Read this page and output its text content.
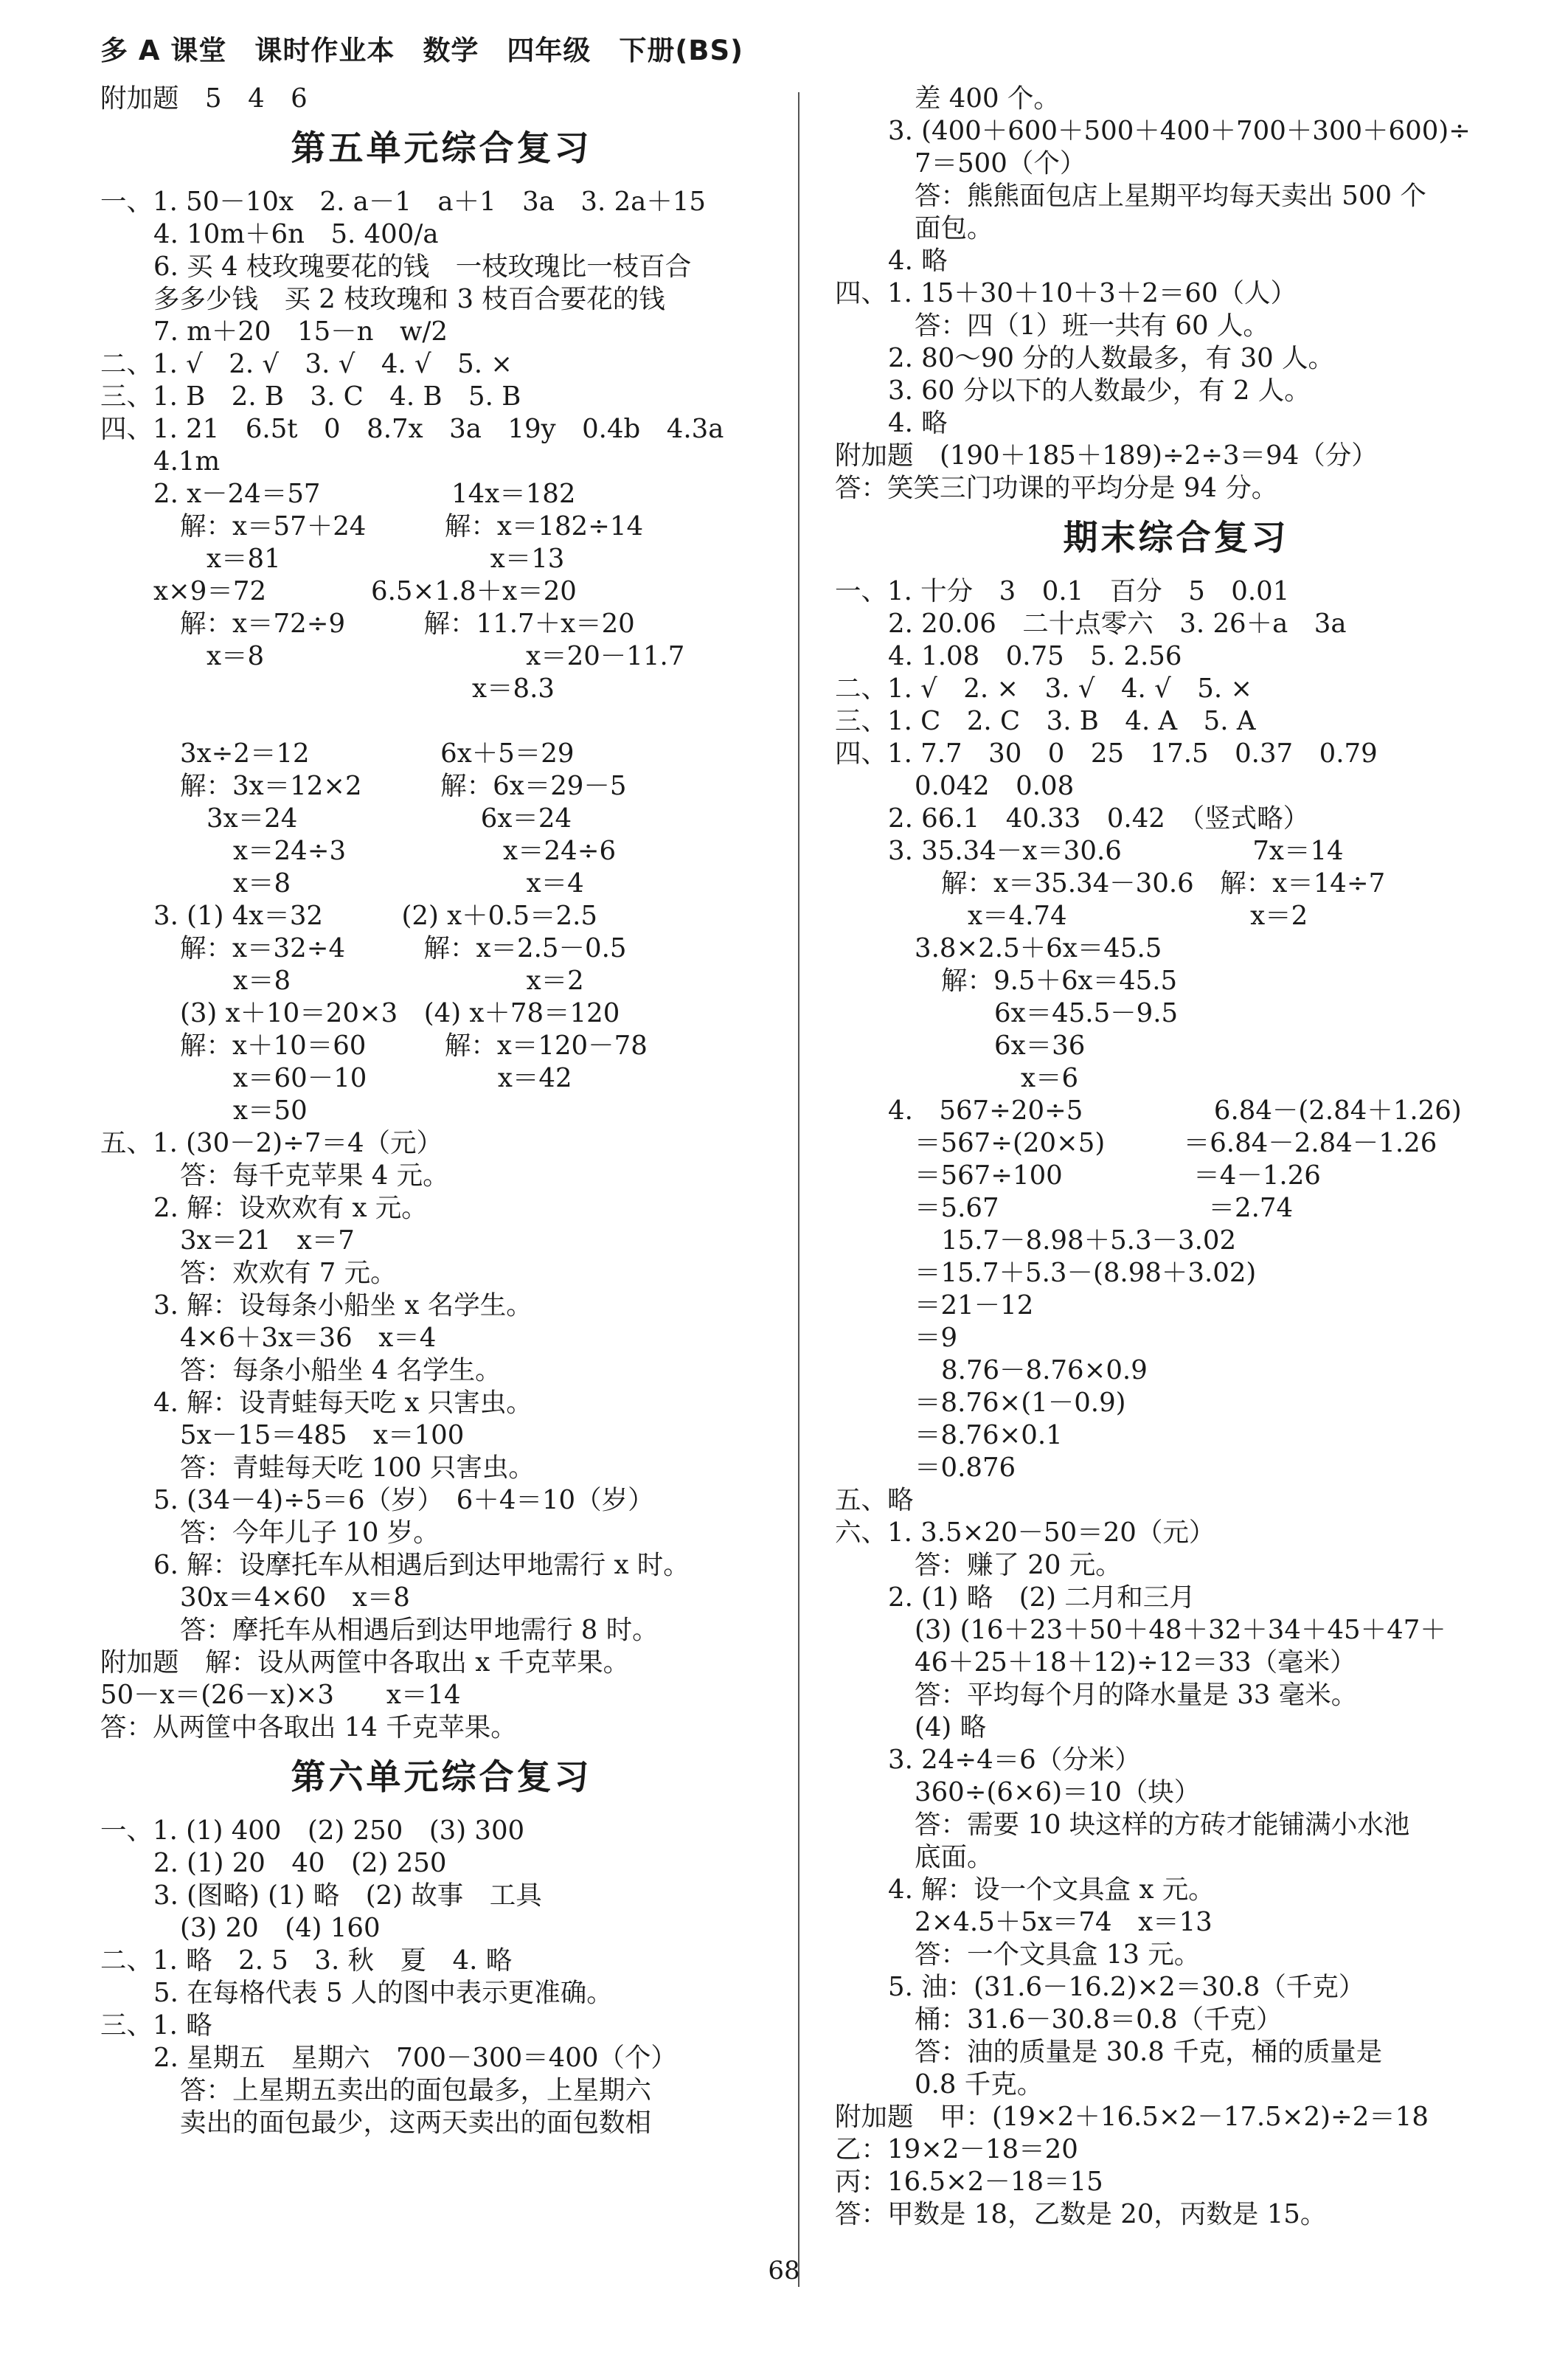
多 A 课堂　课时作业本　数学　四年级　下册(BS)
附加题　5　4　6
第五单元综合复习
一、1. 50－10x　2. a－1　a＋1　3a　3. 2a＋15
4. 10m＋6n　5. 400/a
6. 买 4 枝玫瑰要花的钱　一枝玫瑰比一枝百合
多多少钱　买 2 枝玫瑰和 3 枝百合要花的钱
7. m＋20　15－n　w/2
二、1. √　2. √　3. √　4. √　5. ×
三、1. B　2. B　3. C　4. B　5. B
四、1. 21　6.5t　0　8.7x　3a　19y　0.4b　4.3a
4.1m
2. x－24＝57　　　　　14x＝182
解：x＝57＋24　　　解：x＝182÷14
x＝81　　　　　　　　x＝13
x×9＝72　　　　6.5×1.8＋x＝20
解：x＝72÷9　　　解：11.7＋x＝20
x＝8　　　　　　　　　　x＝20－11.7
x＝8.3
3x÷2＝12　　　　　6x＋5＝29
解：3x＝12×2　　　解：6x＝29－5
3x＝24　　　　　　　6x＝24
x＝24÷3　　　　　　x＝24÷6
x＝8　　　　　　　　　x＝4
3. (1) 4x＝32　　　(2) x＋0.5＝2.5
解：x＝32÷4　　　解：x＝2.5－0.5
x＝8　　　　　　　　　x＝2
(3) x＋10＝20×3　(4) x＋78＝120
解：x＋10＝60　　　解：x＝120－78
x＝60－10　　　　　x＝42
x＝50
五、1. (30－2)÷7＝4（元）
答：每千克苹果 4 元。
2. 解：设欢欢有 x 元。
3x＝21　x＝7
答：欢欢有 7 元。
3. 解：设每条小船坐 x 名学生。
4×6＋3x＝36　x＝4
答：每条小船坐 4 名学生。
4. 解：设青蛙每天吃 x 只害虫。
5x－15＝485　x＝100
答：青蛙每天吃 100 只害虫。
5. (34－4)÷5＝6（岁）　6＋4＝10（岁）
答：今年儿子 10 岁。
6. 解：设摩托车从相遇后到达甲地需行 x 时。
30x＝4×60　x＝8
答：摩托车从相遇后到达甲地需行 8 时。
附加题　解：设从两筐中各取出 x 千克苹果。
50－x＝(26－x)×3　　x＝14
答：从两筐中各取出 14 千克苹果。
第六单元综合复习
一、1. (1) 400　(2) 250　(3) 300
2. (1) 20　40　(2) 250
3. (图略) (1) 略　(2) 故事　工具
(3) 20　(4) 160
二、1. 略　2. 5　3. 秋　夏　4. 略
5. 在每格代表 5 人的图中表示更准确。
三、1. 略
2. 星期五　星期六　700－300＝400（个）
答：上星期五卖出的面包最多，上星期六
卖出的面包最少，这两天卖出的面包数相
差 400 个。
3. (400＋600＋500＋400＋700＋300＋600)÷
7＝500（个）
答：熊熊面包店上星期平均每天卖出 500 个
面包。
4. 略
四、1. 15＋30＋10＋3＋2＝60（人）
答：四（1）班一共有 60 人。
2. 80～90 分的人数最多，有 30 人。
3. 60 分以下的人数最少，有 2 人。
4. 略
附加题　(190＋185＋189)÷2÷3＝94（分）
答：笑笑三门功课的平均分是 94 分。
期末综合复习
一、1. 十分　3　0.1　百分　5　0.01
2. 20.06　二十点零六　3. 26＋a　3a
4. 1.08　0.75　5. 2.56
二、1. √　2. ×　3. √　4. √　5. ×
三、1. C　2. C　3. B　4. A　5. A
四、1. 7.7　30　0　25　17.5　0.37　0.79
0.042　0.08
2. 66.1　40.33　0.42　（竖式略）
3. 35.34－x＝30.6　　　　　7x＝14
解：x＝35.34－30.6　解：x＝14÷7
x＝4.74　　　　　　　x＝2
3.8×2.5＋6x＝45.5
解：9.5＋6x＝45.5
6x＝45.5－9.5
6x＝36
x＝6
4.　567÷20÷5　　　　　6.84－(2.84＋1.26)
＝567÷(20×5)　　　＝6.84－2.84－1.26
＝567÷100　　　　　＝4－1.26
＝5.67　　　　　　　　＝2.74
15.7－8.98＋5.3－3.02
＝15.7＋5.3－(8.98＋3.02)
＝21－12
＝9
8.76－8.76×0.9
＝8.76×(1－0.9)
＝8.76×0.1
＝0.876
五、略
六、1. 3.5×20－50＝20（元）
答：赚了 20 元。
2. (1) 略　(2) 二月和三月
(3) (16＋23＋50＋48＋32＋34＋45＋47＋
46＋25＋18＋12)÷12＝33（毫米）
答：平均每个月的降水量是 33 毫米。
(4) 略
3. 24÷4＝6（分米）
360÷(6×6)＝10（块）
答：需要 10 块这样的方砖才能铺满小水池
底面。
4. 解：设一个文具盒 x 元。
2×4.5＋5x＝74　x＝13
答：一个文具盒 13 元。
5. 油：(31.6－16.2)×2＝30.8（千克）
桶：31.6－30.8＝0.8（千克）
答：油的质量是 30.8 千克，桶的质量是
0.8 千克。
附加题　甲：(19×2＋16.5×2－17.5×2)÷2＝18
乙：19×2－18＝20
丙：16.5×2－18＝15
答：甲数是 18，乙数是 20，丙数是 15。
68
